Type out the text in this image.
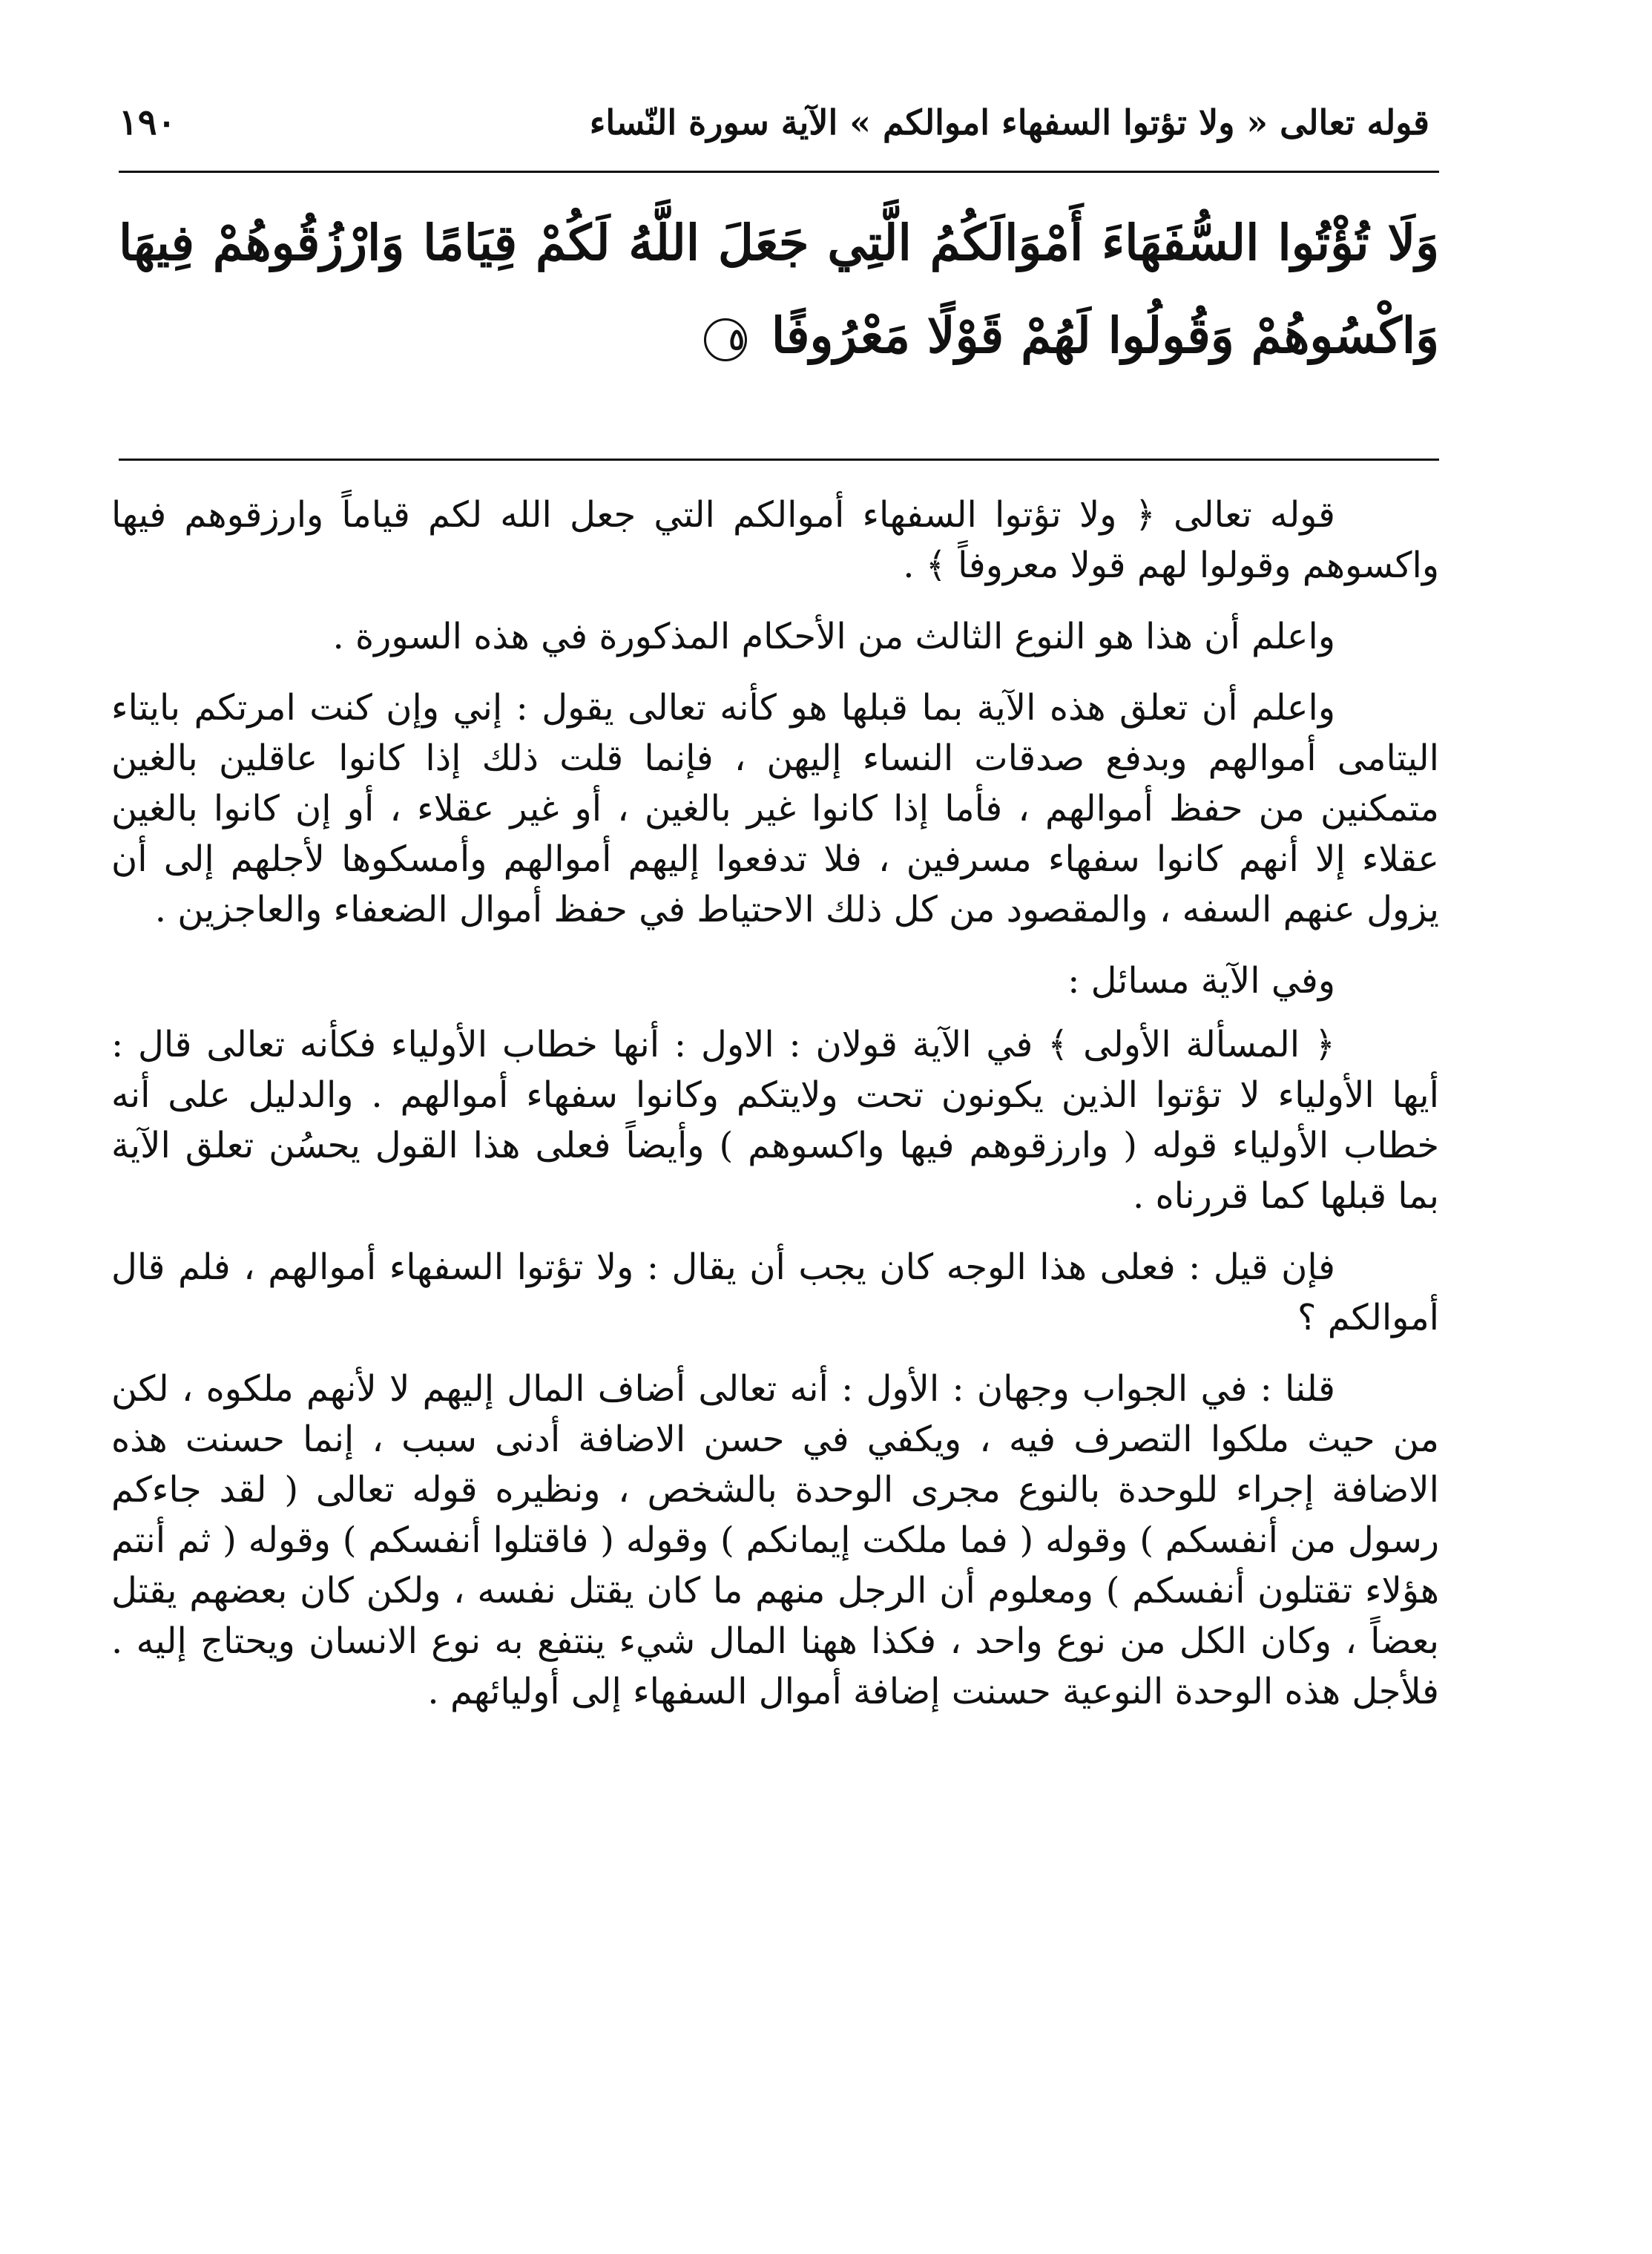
قوله تعالى « ولا تؤتوا السفهاء اموالكم » الآية سورة النّساء
١٩٠
وَلَا تُؤْتُوا السُّفَهَاءَ أَمْوَالَكُمُ الَّتِي جَعَلَ اللَّهُ لَكُمْ قِيَامًا وَارْزُقُوهُمْ فِيهَا وَاكْسُوهُمْ وَقُولُوا لَهُمْ قَوْلًا مَعْرُوفًا ٥

قوله تعالى ﴿ ولا تؤتوا السفهاء أموالكم التي جعل الله لكم قياماً وارزقوهم فيها واكسوهم وقولوا لهم قولا معروفاً ﴾ .

واعلم أن هذا هو النوع الثالث من الأحكام المذكورة في هذه السورة .

واعلم أن تعلق هذه الآية بما قبلها هو كأنه تعالى يقول : إني وإن كنت امرتكم بايتاء اليتامى أموالهم وبدفع صدقات النساء إليهن ، فإنما قلت ذلك إذا كانوا عاقلين بالغين متمكنين من حفظ أموالهم ، فأما إذا كانوا غير بالغين ، أو غير عقلاء ، أو إن كانوا بالغين عقلاء إلا أنهم كانوا سفهاء مسرفين ، فلا تدفعوا إليهم أموالهم وأمسكوها لأجلهم إلى أن يزول عنهم السفه ، والمقصود من كل ذلك الاحتياط في حفظ أموال الضعفاء والعاجزين .

وفي الآية مسائل :

﴿ المسألة الأولى ﴾ في الآية قولان : الاول : أنها خطاب الأولياء فكأنه تعالى قال : أيها الأولياء لا تؤتوا الذين يكونون تحت ولايتكم وكانوا سفهاء أموالهم . والدليل على أنه خطاب الأولياء قوله ( وارزقوهم فيها واكسوهم ) وأيضاً فعلى هذا القول يحسُن تعلق الآية بما قبلها كما قررناه .

فإن قيل : فعلى هذا الوجه كان يجب أن يقال : ولا تؤتوا السفهاء أموالهم ، فلم قال أموالكم ؟

قلنا : في الجواب وجهان : الأول : أنه تعالى أضاف المال إليهم لا لأنهم ملكوه ، لكن من حيث ملكوا التصرف فيه ، ويكفي في حسن الاضافة أدنى سبب ، إنما حسنت هذه الاضافة إجراء للوحدة بالنوع مجرى الوحدة بالشخص ، ونظيره قوله تعالى ( لقد جاءكم رسول من أنفسكم ) وقوله ( فما ملكت إيمانكم ) وقوله ( فاقتلوا أنفسكم ) وقوله ( ثم أنتم هؤلاء تقتلون أنفسكم ) ومعلوم أن الرجل منهم ما كان يقتل نفسه ، ولكن كان بعضهم يقتل بعضاً ، وكان الكل من نوع واحد ، فكذا ههنا المال شيء ينتفع به نوع الانسان ويحتاج إليه . فلأجل هذه الوحدة النوعية حسنت إضافة أموال السفهاء إلى أوليائهم .
